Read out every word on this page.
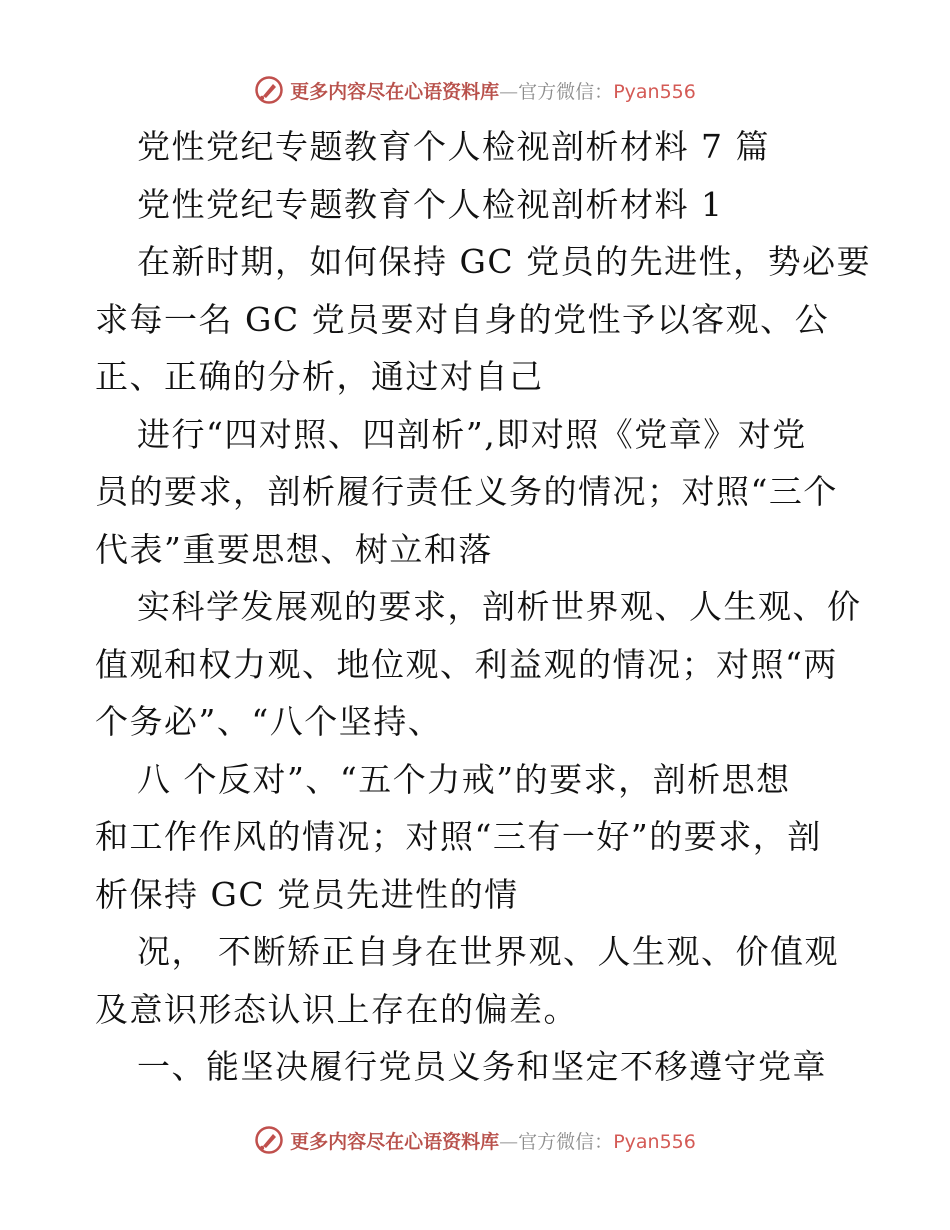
更多内容尽在心语资料库—官方微信：Pyan556
党性党纪专题教育个人检视剖析材料 7 篇
党性党纪专题教育个人检视剖析材料 1
在新时期，如何保持 GC 党员的先进性，势必要
求每一名 GC 党员要对自身的党性予以客观、公
正、正确的分析，通过对自己
进行“四对照、四剖析”,即对照《党章》对党
员的要求，剖析履行责任义务的情况；对照“三个
代表”重要思想、树立和落
实科学发展观的要求，剖析世界观、人生观、价
值观和权力观、地位观、利益观的情况；对照“两
个务必”、“八个坚持、
八 个反对”、“五个力戒”的要求，剖析思想
和工作作风的情况；对照“三有一好”的要求，剖
析保持 GC 党员先进性的情
况， 不断矫正自身在世界观、人生观、价值观
及意识形态认识上存在的偏差。
一、能坚决履行党员义务和坚定不移遵守党章
更多内容尽在心语资料库—官方微信：Pyan556
